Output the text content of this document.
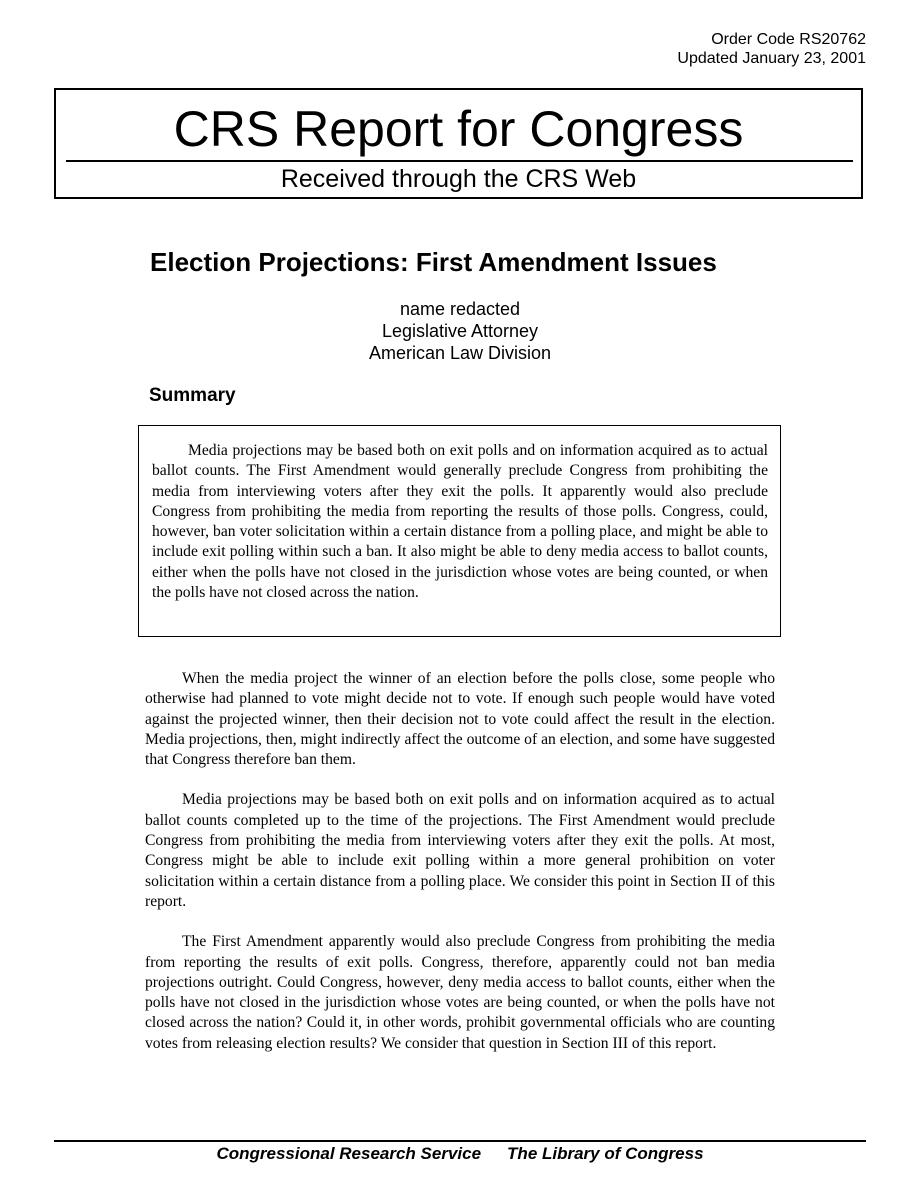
Order Code RS20762
Updated January 23, 2001
CRS Report for Congress
Received through the CRS Web
Election Projections: First Amendment Issues
name redacted
Legislative Attorney
American Law Division
Summary

Media projections may be based both on exit polls and on information acquired as to actual ballot counts. The First Amendment would generally preclude Congress from prohibiting the media from interviewing voters after they exit the polls. It apparently would also preclude Congress from prohibiting the media from reporting the results of those polls. Congress, could, however, ban voter solicitation within a certain distance from a polling place, and might be able to include exit polling within such a ban. It also might be able to deny media access to ballot counts, either when the polls have not closed in the jurisdiction whose votes are being counted, or when the polls have not closed across the nation.

When the media project the winner of an election before the polls close, some people who otherwise had planned to vote might decide not to vote. If enough such people would have voted against the projected winner, then their decision not to vote could affect the result in the election. Media projections, then, might indirectly affect the outcome of an election, and some have suggested that Congress therefore ban them.

Media projections may be based both on exit polls and on information acquired as to actual ballot counts completed up to the time of the projections. The First Amendment would preclude Congress from prohibiting the media from interviewing voters after they exit the polls. At most, Congress might be able to include exit polling within a more general prohibition on voter solicitation within a certain distance from a polling place. We consider this point in Section II of this report.

The First Amendment apparently would also preclude Congress from prohibiting the media from reporting the results of exit polls. Congress, therefore, apparently could not ban media projections outright. Could Congress, however, deny media access to ballot counts, either when the polls have not closed in the jurisdiction whose votes are being counted, or when the polls have not closed across the nation? Could it, in other words, prohibit governmental officials who are counting votes from releasing election results? We consider that question in Section III of this report.

Congressional Research Service The Library of Congress
